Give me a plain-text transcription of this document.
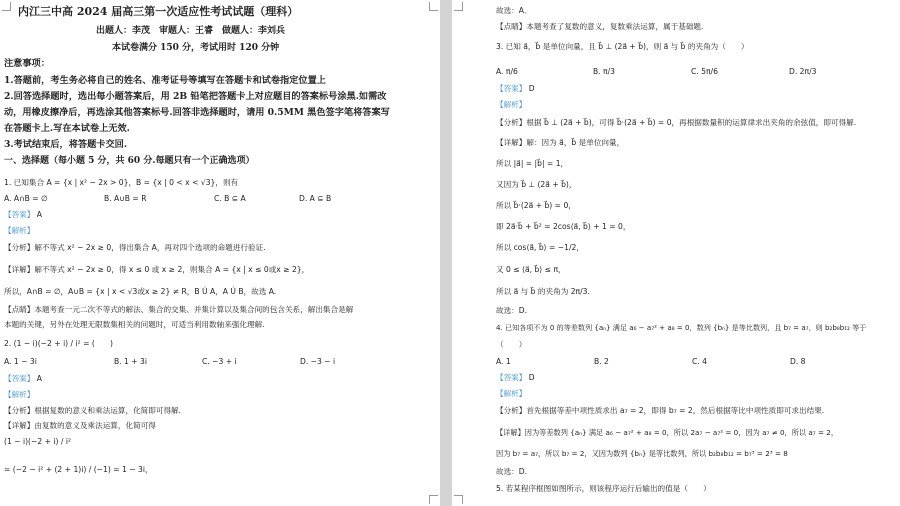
内江三中高 2024 届高三第一次适应性考试试题（理科）
出题人：李茂　审题人：王睿　做题人：李刘兵
本试卷满分 150 分，考试用时 120 分钟
注意事项：
1.答题前，考生务必将自己的姓名、准考证号等填写在答题卡和试卷指定位置上
2.回答选择题时，选出每小题答案后，用 2B 铅笔把答题卡上对应题目的答案标号涂黑.如需改
动，用橡皮擦净后，再选涂其他答案标号.回答非选择题时，请用 0.5MM 黑色签字笔将答案写
在答题卡上.写在本试卷上无效.
3.考试结束后，将答题卡交回.
一、选择题（每小题 5 分，共 60 分.每题只有一个正确选项）
1. 已知集合 A = {x | x² − 2x > 0}，B = {x | 0 < x < √3}，则有
A. A∩B = ∅	B. A∪B = R	C. B ⊆ A	D. A ⊆ B
【答案】 A
【解析】
【分析】解不等式 x² − 2x ≥ 0，得出集合 A，再对四个选项的命题进行验证.
【详解】解不等式 x² − 2x ≥ 0，得 x ≤ 0 或 x ≥ 2，则集合 A = {x | x ≤ 0或x ≥ 2}，
所以，A∩B = ∅，A∪B = {x | x < √3或x ≥ 2} ≠ R，B Ú A，A Ú B，故选 A.
【点睛】本题考查一元二次不等式的解法、集合的交集、并集计算以及集合间的包含关系，解出集合是解
本题的关键，另外在处理无限数集相关的问题时，可适当利用数轴来强化理解.
2. (1 − i)(−2 + i) / i² = (　　)
A. 1 − 3i	B. 1 + 3i	C. −3 + i	D. −3 − i
【答案】 A
【解析】
【分析】根据复数的意义和乘法运算，化简即可得解.
【详解】由复数的意义及乘法运算，化简可得
(1 − i)(−2 + i) / i²
= (−2 − i² + (2 + 1)i) / (−1) = 1 − 3i，
故选：A．
【点睛】本题考查了复数的意义，复数乘法运算，属于基础题.
3. 已知 a⃗，b⃗ 是单位向量，且 b⃗ ⊥ (2a⃗ + b⃗)，则 a⃗ 与 b⃗ 的夹角为（　　）
A. π/6	B. π/3	C. 5π/6	D. 2π/3
【答案】 D
【解析】
【分析】根据 b⃗ ⊥ (2a⃗ + b⃗)，可得 b⃗·(2a⃗ + b⃗) = 0，再根据数量积的运算律求出夹角的余弦值，即可得解.
【详解】解：因为 a⃗，b⃗ 是单位向量，
所以 |a⃗| = |b⃗| = 1，
又因为 b⃗ ⊥ (2a⃗ + b⃗)，
所以 b⃗·(2a⃗ + b⃗) = 0，
即 2a⃗·b⃗ + b⃗² = 2cos⟨a⃗, b⃗⟩ + 1 = 0，
所以 cos⟨a⃗, b⃗⟩ = −1/2，
又 0 ≤ ⟨a⃗, b⃗⟩ ≤ π，
所以 a⃗ 与 b⃗ 的夹角为 2π/3.
故选：D.
4. 已知各项不为 0 的等差数列 {aₙ} 满足 a₆ − a₇² + a₈ = 0，数列 {bₙ} 是等比数列，且 b₇ = a₇，则 b₂b₈b₁₂ 等于
（　　）
A. 1	B. 2	C. 4	D. 8
【答案】 D
【解析】
【分析】首先根据等差中项性质求出 a₇ = 2，即得 b₇ = 2，然后根据等比中项性质即可求出结果.
【详解】因为等差数列 {aₙ} 满足 a₆ − a₇² + a₈ = 0，所以 2a₇ − a₇² = 0，因为 a₇ ≠ 0，所以 a₇ = 2，
因为 b₇ = a₇，所以 b₇ = 2，又因为数列 {bₙ} 是等比数列，所以 b₂b₈b₁₂ = b₇³ = 2³ = 8
故选：D.
5. 若某程序框图如图所示，则该程序运行后输出的值是（　　）
